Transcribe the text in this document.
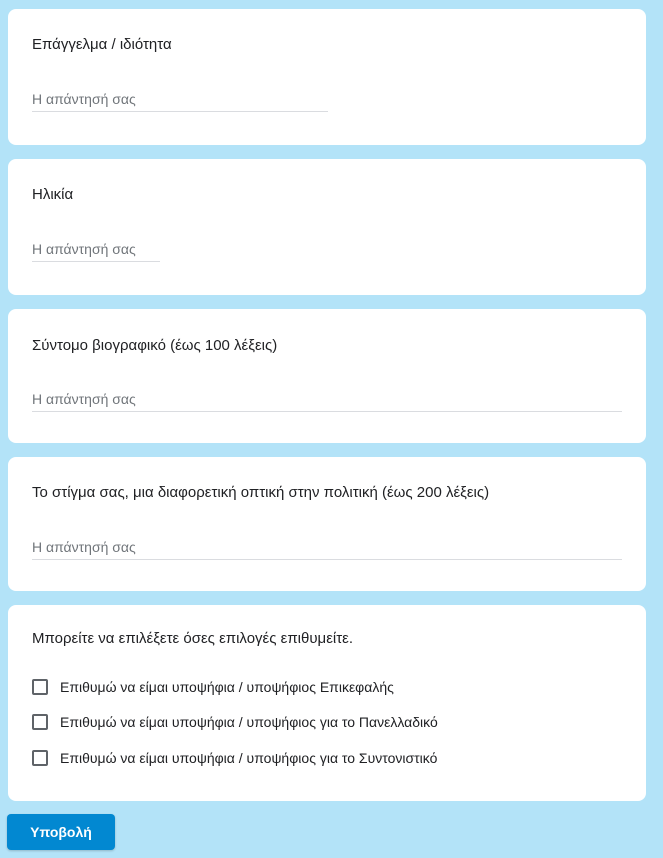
Επάγγελμα / ιδιότητα
Η απάντησή σας
Ηλικία
Η απάντησή σας
Σύντομο βιογραφικό (έως 100 λέξεις)
Η απάντησή σας
Το στίγμα σας, μια διαφορετική οπτική στην πολιτική (έως 200 λέξεις)
Η απάντησή σας
Μπορείτε να επιλέξετε όσες επιλογές επιθυμείτε.
Επιθυμώ να είμαι υποψήφια / υποψήφιος Επικεφαλής
Επιθυμώ να είμαι υποψήφια / υποψήφιος για το Πανελλαδικό
Επιθυμώ να είμαι υποψήφια / υποψήφιος για το Συντονιστικό
Υποβολή
